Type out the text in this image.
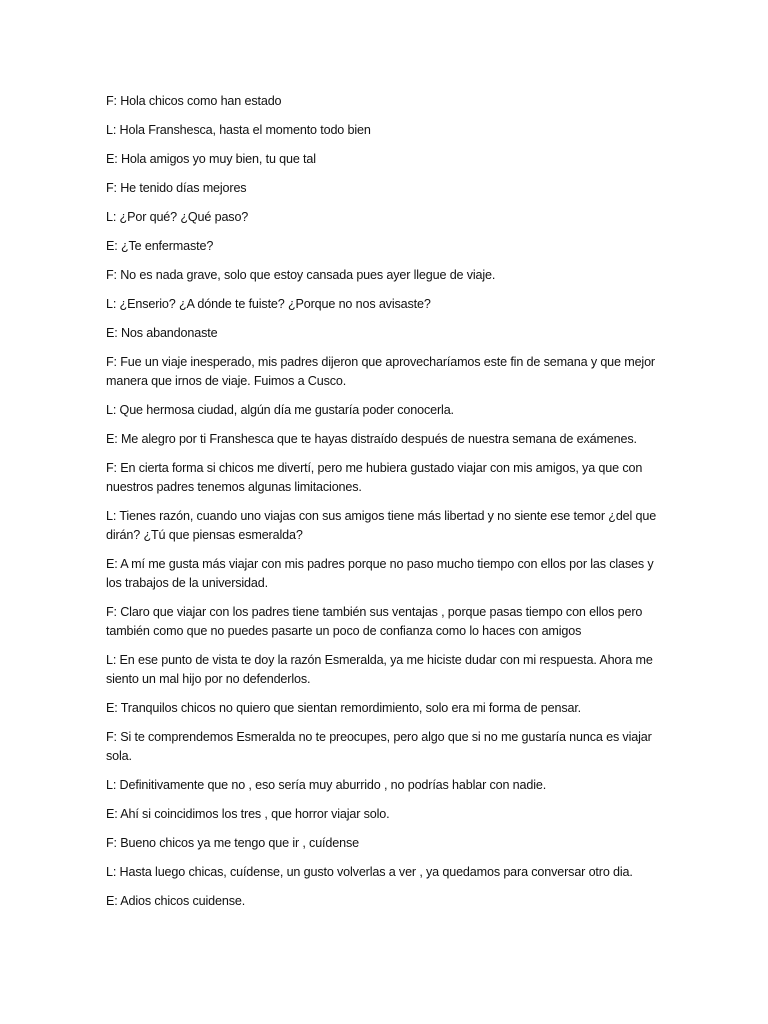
F: Hola chicos como han estado

L: Hola Franshesca, hasta el momento todo bien

E: Hola amigos yo muy bien, tu que tal

F: He tenido días mejores

L: ¿Por qué? ¿Qué paso?

E: ¿Te enfermaste?

F: No es nada grave, solo que estoy cansada pues ayer llegue de viaje.

L: ¿Enserio? ¿A dónde te fuiste? ¿Porque no nos avisaste?

E: Nos abandonaste

F: Fue un viaje inesperado, mis padres dijeron que aprovecharíamos este fin de semana y que mejor manera que irnos de viaje. Fuimos a Cusco.

L: Que hermosa ciudad, algún día me gustaría poder conocerla.

E: Me alegro por ti Franshesca que te hayas distraído después de nuestra semana de exámenes.

F: En cierta forma si chicos me divertí, pero me hubiera gustado viajar con mis amigos, ya que con nuestros padres tenemos algunas limitaciones.

L: Tienes razón, cuando uno viajas con sus amigos tiene más libertad y no siente ese temor ¿del que dirán? ¿Tú que piensas esmeralda?

E: A mí me gusta más viajar con mis padres porque no paso mucho tiempo con ellos por las clases y los trabajos de la universidad.

F: Claro que viajar con los padres tiene también sus ventajas , porque pasas tiempo con ellos pero también como que no puedes pasarte un poco de confianza como lo haces con amigos

L: En ese punto de vista te doy la razón Esmeralda, ya me hiciste dudar con mi respuesta. Ahora me siento un mal hijo por no defenderlos.

E: Tranquilos chicos no quiero que sientan remordimiento, solo era mi forma de pensar.

F: Si te comprendemos Esmeralda no te preocupes, pero algo que si no me gustaría nunca es viajar sola.

L: Definitivamente que no , eso sería muy aburrido , no podrías hablar con nadie.

E: Ahí si coincidimos los tres , que horror viajar solo.

F: Bueno chicos ya me tengo que ir , cuídense

L: Hasta luego chicas, cuídense, un gusto volverlas a ver , ya quedamos para conversar otro dia.

E: Adios chicos cuidense.
